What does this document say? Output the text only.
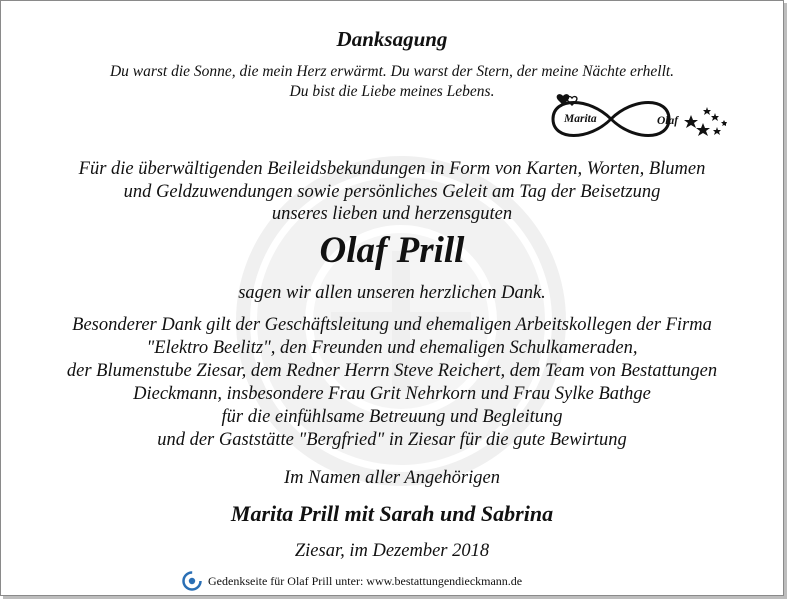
Danksagung
Du warst die Sonne, die mein Herz erwärmt. Du warst der Stern, der meine Nächte erhellt.
Du bist die Liebe meines Lebens.
Marita	Olaf
Für die überwältigenden Beileidsbekundungen in Form von Karten, Worten, Blumen
und Geldzuwendungen sowie persönliches Geleit am Tag der Beisetzung
unseres lieben und herzensguten
Olaf Prill
sagen wir allen unseren herzlichen Dank.
Besonderer Dank gilt der Geschäftsleitung und ehemaligen Arbeitskollegen der Firma
"Elektro Beelitz", den Freunden und ehemaligen Schulkameraden,
der Blumenstube Ziesar, dem Redner Herrn Steve Reichert, dem Team von Bestattungen
Dieckmann, insbesondere Frau Grit Nehrkorn und Frau Sylke Bathge
für die einfühlsame Betreuung und Begleitung
und der Gaststätte "Bergfried" in Ziesar für die gute Bewirtung
Im Namen aller Angehörigen
Marita Prill mit Sarah und Sabrina
Ziesar, im Dezember 2018
Gedenkseite für Olaf Prill unter: www.bestattungendieckmann.de
